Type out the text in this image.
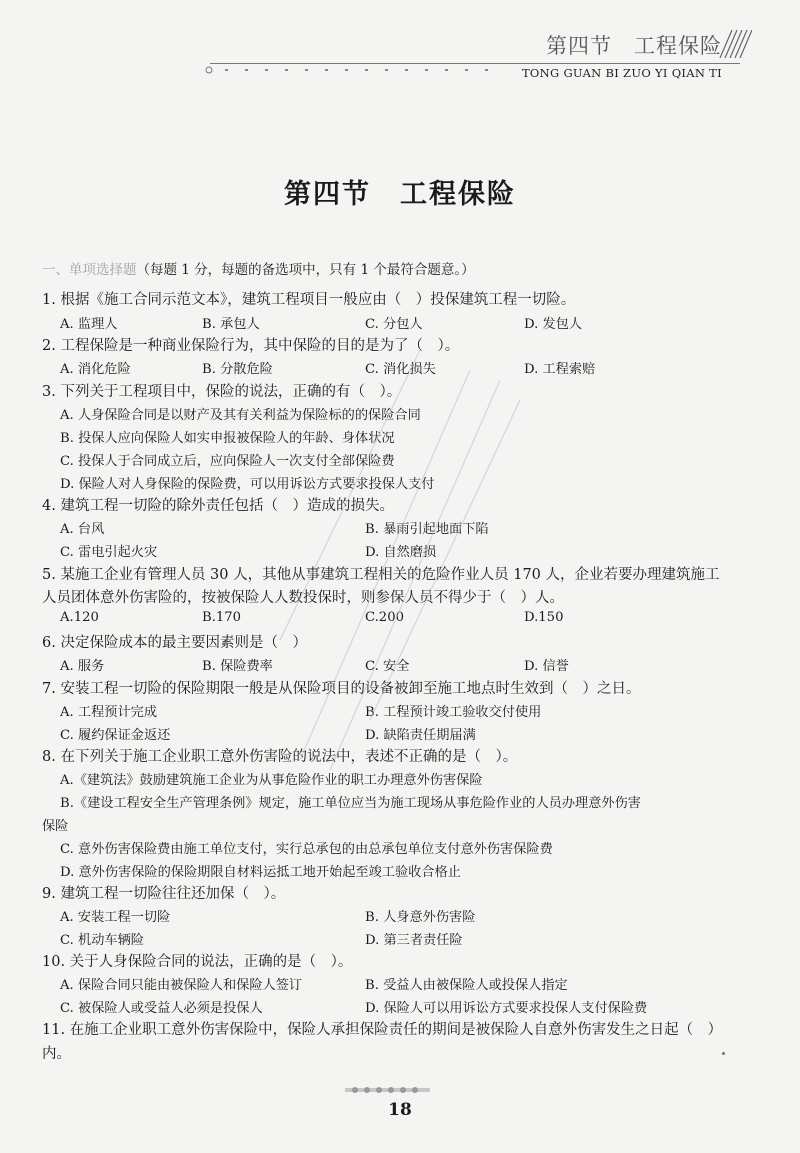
第四节　工程保险
TONG GUAN BI ZUO YI QIAN TI
第四节　工程保险
一、单项选择题（每题 1 分，每题的备选项中，只有 1 个最符合题意。）
1. 根据《施工合同示范文本》，建筑工程项目一般应由（　）投保建筑工程一切险。
A. 监理人	B. 承包人	C. 分包人	D. 发包人
2. 工程保险是一种商业保险行为，其中保险的目的是为了（　）。
A. 消化危险	B. 分散危险	C. 消化损失	D. 工程索赔
3. 下列关于工程项目中，保险的说法，正确的有（　）。
A. 人身保险合同是以财产及其有关利益为保险标的的保险合同
B. 投保人应向保险人如实申报被保险人的年龄、身体状况
C. 投保人于合同成立后，应向保险人一次支付全部保险费
D. 保险人对人身保险的保险费，可以用诉讼方式要求投保人支付
4. 建筑工程一切险的除外责任包括（　）造成的损失。
A. 台风	B. 暴雨引起地面下陷
C. 雷电引起火灾	D. 自然磨损
5. 某施工企业有管理人员 30 人，其他从事建筑工程相关的危险作业人员 170 人，企业若要办理建筑施工
人员团体意外伤害险的，按被保险人人数投保时，则参保人员不得少于（　）人。
A.120	B.170	C.200	D.150
6. 决定保险成本的最主要因素则是（　）
A. 服务	B. 保险费率	C. 安全	D. 信誉
7. 安装工程一切险的保险期限一般是从保险项目的设备被卸至施工地点时生效到（　）之日。
A. 工程预计完成	B. 工程预计竣工验收交付使用
C. 履约保证金返还	D. 缺陷责任期届满
8. 在下列关于施工企业职工意外伤害险的说法中，表述不正确的是（　）。
A.《建筑法》鼓励建筑施工企业为从事危险作业的职工办理意外伤害保险
B.《建设工程安全生产管理条例》规定，施工单位应当为施工现场从事危险作业的人员办理意外伤害
保险
C. 意外伤害保险费由施工单位支付，实行总承包的由总承包单位支付意外伤害保险费
D. 意外伤害保险的保险期限自材料运抵工地开始起至竣工验收合格止
9. 建筑工程一切险往往还加保（　）。
A. 安装工程一切险	B. 人身意外伤害险
C. 机动车辆险	D. 第三者责任险
10. 关于人身保险合同的说法，正确的是（　）。
A. 保险合同只能由被保险人和保险人签订	B. 受益人由被保险人或投保人指定
C. 被保险人或受益人必须是投保人	D. 保险人可以用诉讼方式要求投保人支付保险费
11. 在施工企业职工意外伤害保险中，保险人承担保险责任的期间是被保险人自意外伤害发生之日起（　）
内。
18
